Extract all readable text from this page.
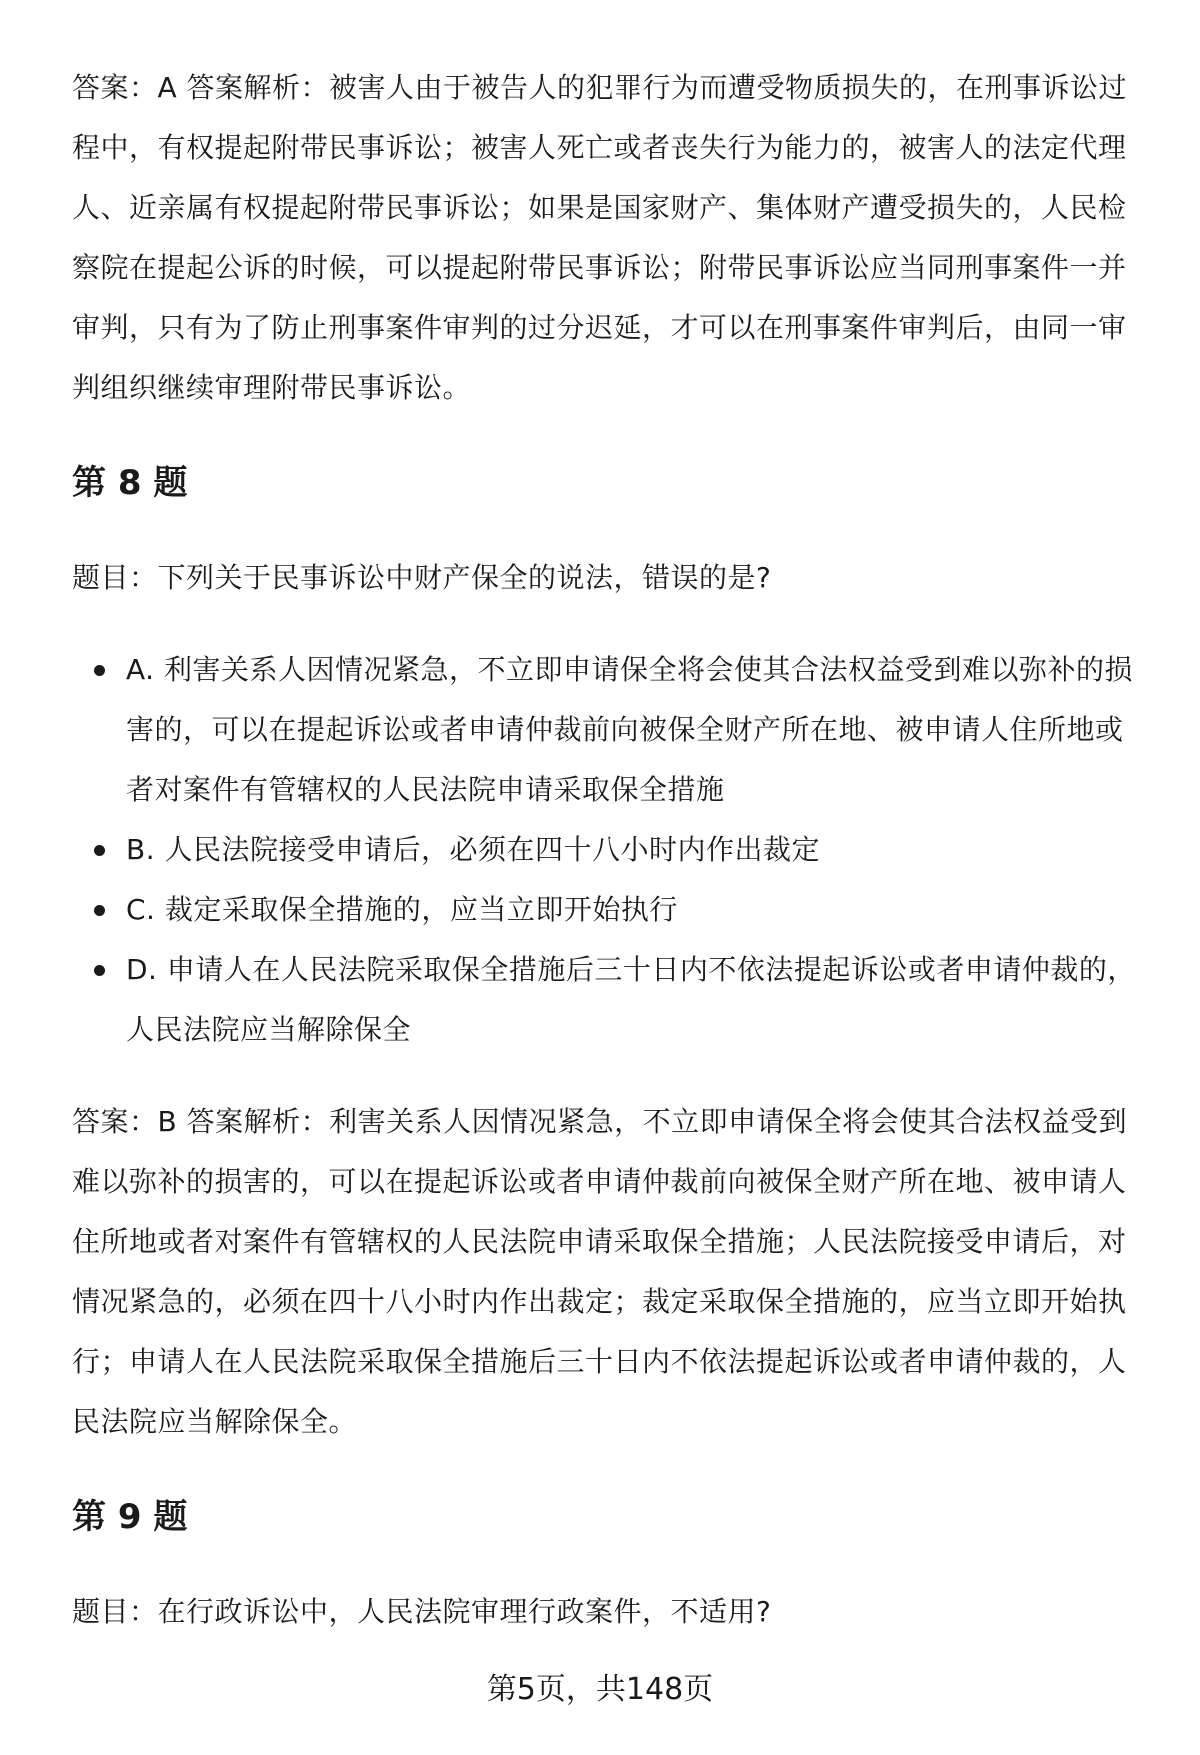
答案：A 答案解析：被害人由于被告人的犯罪行为而遭受物质损失的，在刑事诉讼过程中，有权提起附带民事诉讼；被害人死亡或者丧失行为能力的，被害人的法定代理人、近亲属有权提起附带民事诉讼；如果是国家财产、集体财产遭受损失的，人民检察院在提起公诉的时候，可以提起附带民事诉讼；附带民事诉讼应当同刑事案件一并审判，只有为了防止刑事案件审判的过分迟延，才可以在刑事案件审判后，由同一审判组织继续审理附带民事诉讼。

第 8 题

题目：下列关于民事诉讼中财产保全的说法，错误的是?

A. 利害关系人因情况紧急，不立即申请保全将会使其合法权益受到难以弥补的损害的，可以在提起诉讼或者申请仲裁前向被保全财产所在地、被申请人住所地或者对案件有管辖权的人民法院申请采取保全措施
B. 人民法院接受申请后，必须在四十八小时内作出裁定
C. 裁定采取保全措施的，应当立即开始执行
D. 申请人在人民法院采取保全措施后三十日内不依法提起诉讼或者申请仲裁的，人民法院应当解除保全

答案：B 答案解析：利害关系人因情况紧急，不立即申请保全将会使其合法权益受到难以弥补的损害的，可以在提起诉讼或者申请仲裁前向被保全财产所在地、被申请人住所地或者对案件有管辖权的人民法院申请采取保全措施；人民法院接受申请后，对情况紧急的，必须在四十八小时内作出裁定；裁定采取保全措施的，应当立即开始执行；申请人在人民法院采取保全措施后三十日内不依法提起诉讼或者申请仲裁的，人民法院应当解除保全。

第 9 题

题目：在行政诉讼中，人民法院审理行政案件，不适用?

第5页，共148页
